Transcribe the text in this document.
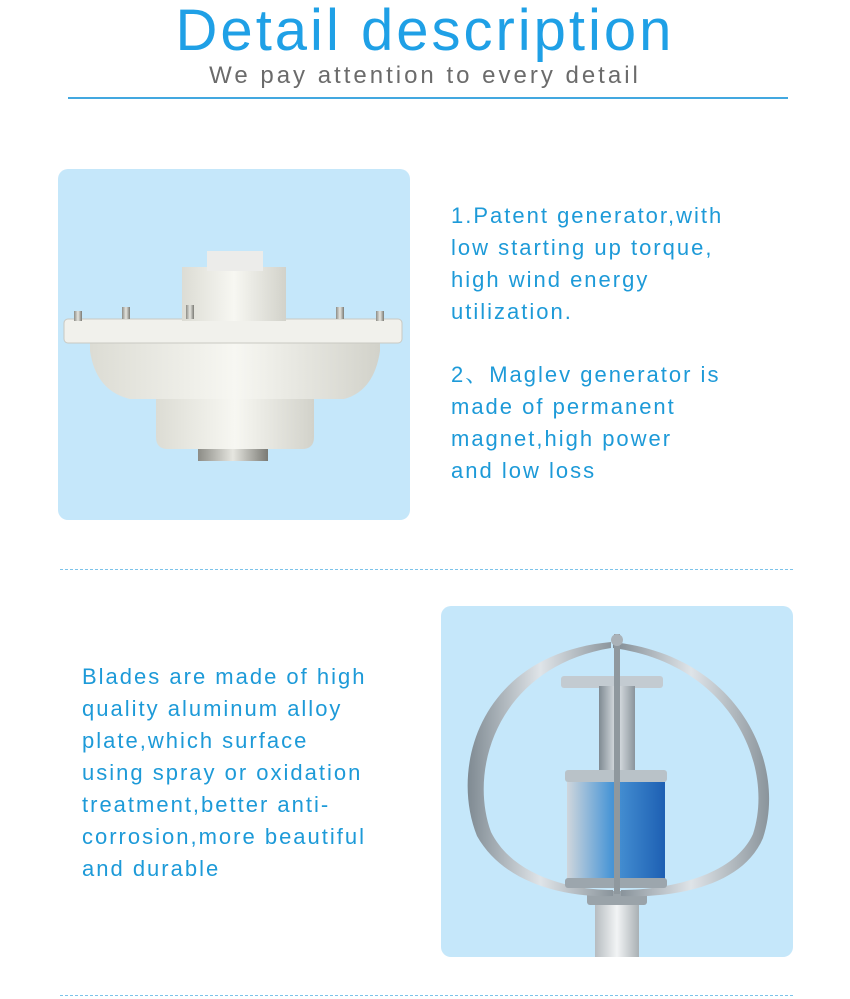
Detail description
We pay attention to every detail
1.Patent generator,with
low starting up torque,
high wind energy
utilization.
2、Maglev generator is
made of permanent
magnet,high power
and low loss
Blades are made of high
quality aluminum alloy
plate,which surface
using spray or oxidation
treatment,better anti-
corrosion,more beautiful
and durable
